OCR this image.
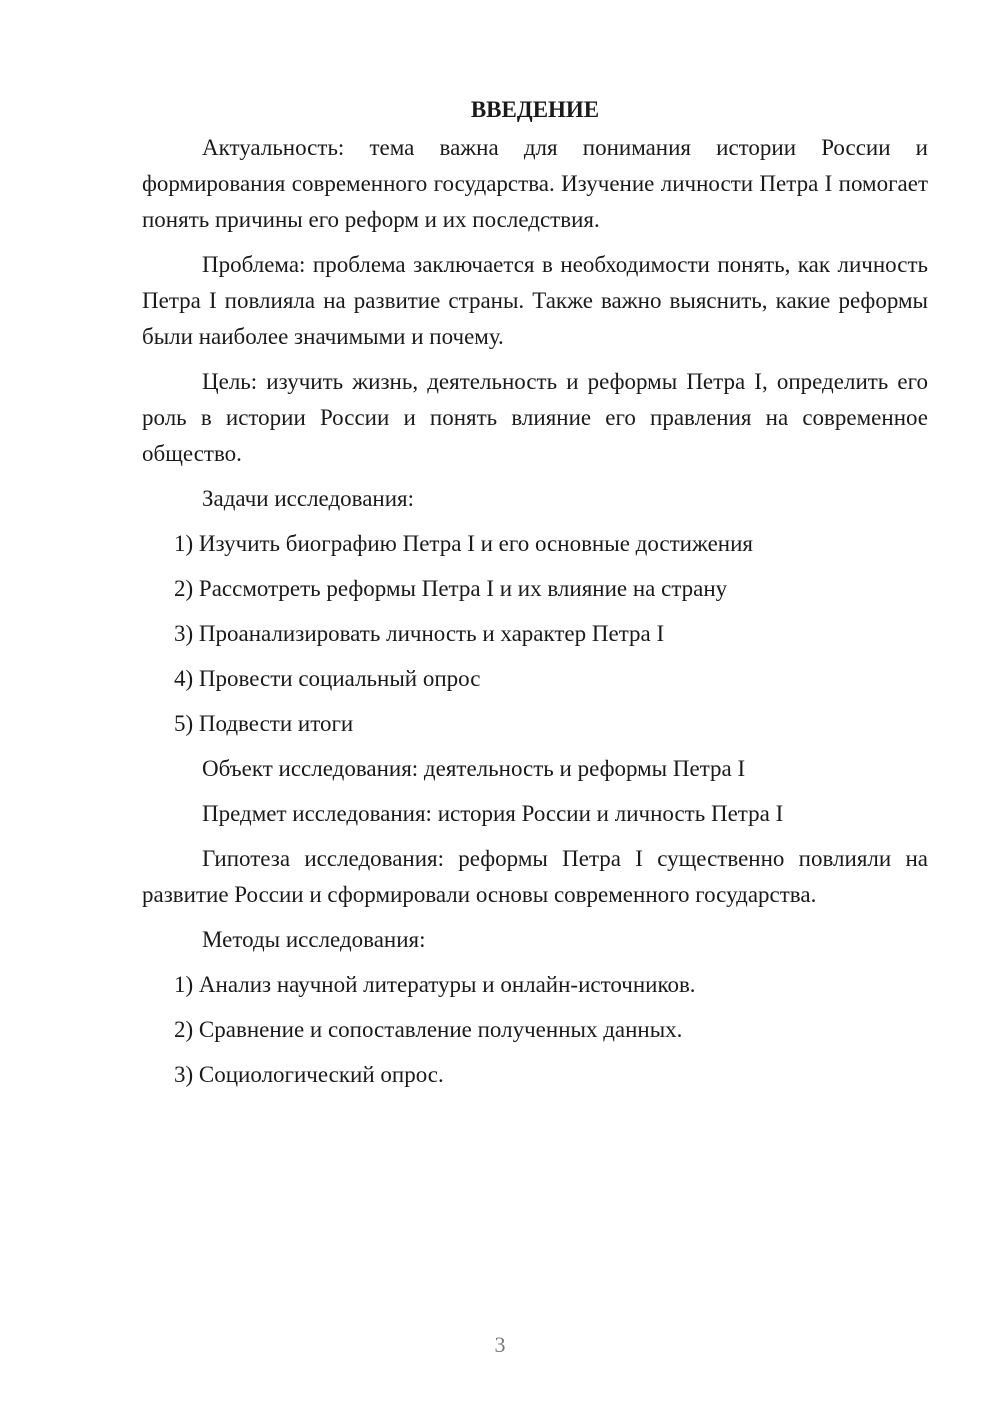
ВВЕДЕНИЕ

Актуальность: тема важна для понимания истории России и формирования современного государства. Изучение личности Петра I помогает понять причины его реформ и их последствия.

Проблема: проблема заключается в необходимости понять, как личность Петра I повлияла на развитие страны. Также важно выяснить, какие реформы были наиболее значимыми и почему.

Цель: изучить жизнь, деятельность и реформы Петра I, определить его роль в истории России и понять влияние его правления на современное общество.

Задачи исследования:

1) Изучить биографию Петра I и его основные достижения

2) Рассмотреть реформы Петра I и их влияние на страну

3) Проанализировать личность и характер Петра I

4) Провести социальный опрос

5) Подвести итоги

Объект исследования: деятельность и реформы Петра I

Предмет исследования: история России и личность Петра I

Гипотеза исследования: реформы Петра I существенно повлияли на развитие России и сформировали основы современного государства.

Методы исследования:

1) Анализ научной литературы и онлайн-источников.

2) Сравнение и сопоставление полученных данных.

3) Социологический опрос.

3
